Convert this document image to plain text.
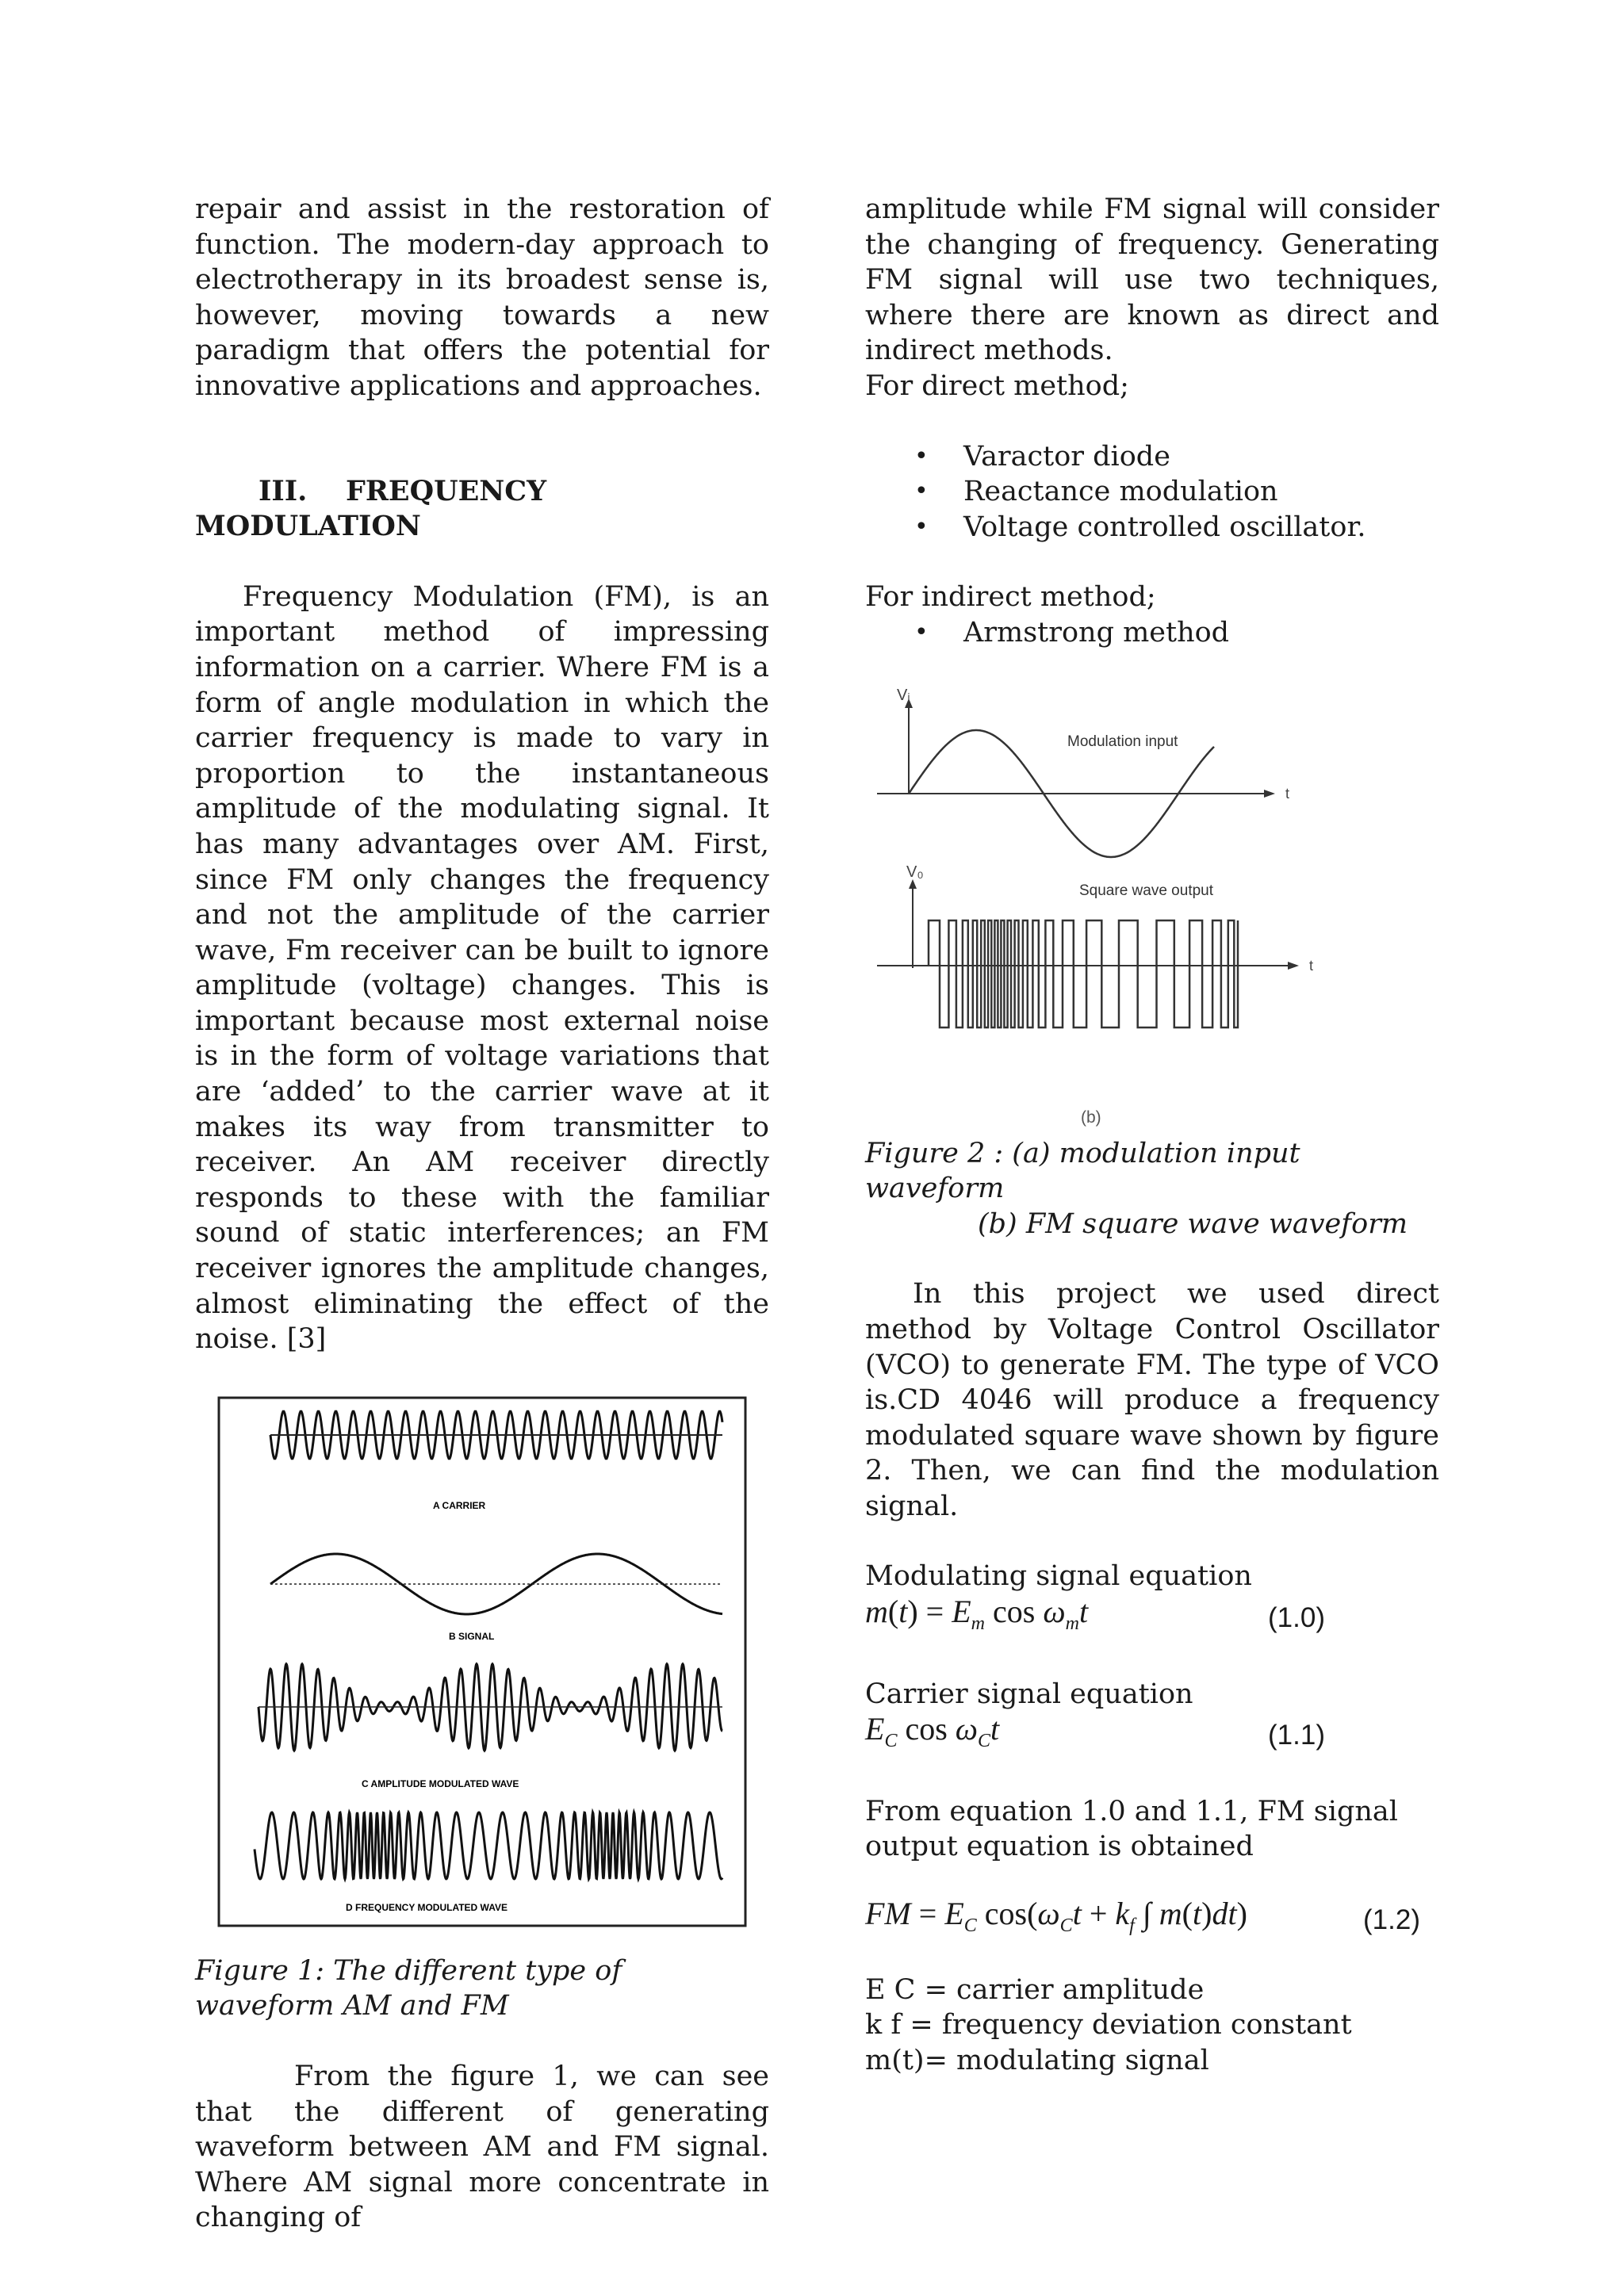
repair and assist in the restoration of function. The modern-day approach to electrotherapy in its broadest sense is, however, moving towards a new paradigm that offers the potential for innovative applications and approaches.

III. FREQUENCY MODULATION

Frequency Modulation (FM), is an important method of impressing information on a carrier. Where FM is a form of angle modulation in which the carrier frequency is made to vary in proportion to the instantaneous amplitude of the modulating signal. It has many advantages over AM. First, since FM only changes the frequency and not the amplitude of the carrier wave, Fm receiver can be built to ignore amplitude (voltage) changes. This is important because most external noise is in the form of voltage variations that are ‘added’ to the carrier wave at it makes its way from transmitter to receiver. An AM receiver directly responds to these with the familiar sound of static interferences; an FM receiver ignores the amplitude changes, almost eliminating the effect of the noise. [3]

A CARRIER
B SIGNAL
C AMPLITUDE MODULATED WAVE
D FREQUENCY MODULATED WAVE

Figure 1: The different type of waveform AM and FM

From the figure 1, we can see that the different of generating waveform between AM and FM signal. Where AM signal more concentrate in changing of

amplitude while FM signal will consider the changing of frequency. Generating FM signal will use two techniques, where there are known as direct and indirect methods.

For direct method;

• Varactor diode
• Reactance modulation
• Voltage controlled oscillator.

For indirect method;

• Armstrong method
Vᵢ
t
Modulation input
V₀
t
Square wave output
(b)

Figure 2 : (a) modulation input waveform

(b) FM square wave waveform

In this project we used direct method by Voltage Control Oscillator (VCO) to generate FM. The type of VCO is.CD 4046 will produce a frequency modulated square wave shown by figure 2. Then, we can find the modulation signal.

Modulating signal equation

$m(t) = E_m$ $\cos \omega_mt$	(1.0)

Carrier signal equation

$E_C$ $\cos \omega_Ct$	(1.1)

From equation 1.0 and 1.1, FM signal output equation is obtained

FM = $E_C$ $\cos(\omega_Ct + k_f$ ∫ m(t)dt)	(1.2)

E C = carrier amplitude

k f = frequency deviation constant

m(t)= modulating signal
